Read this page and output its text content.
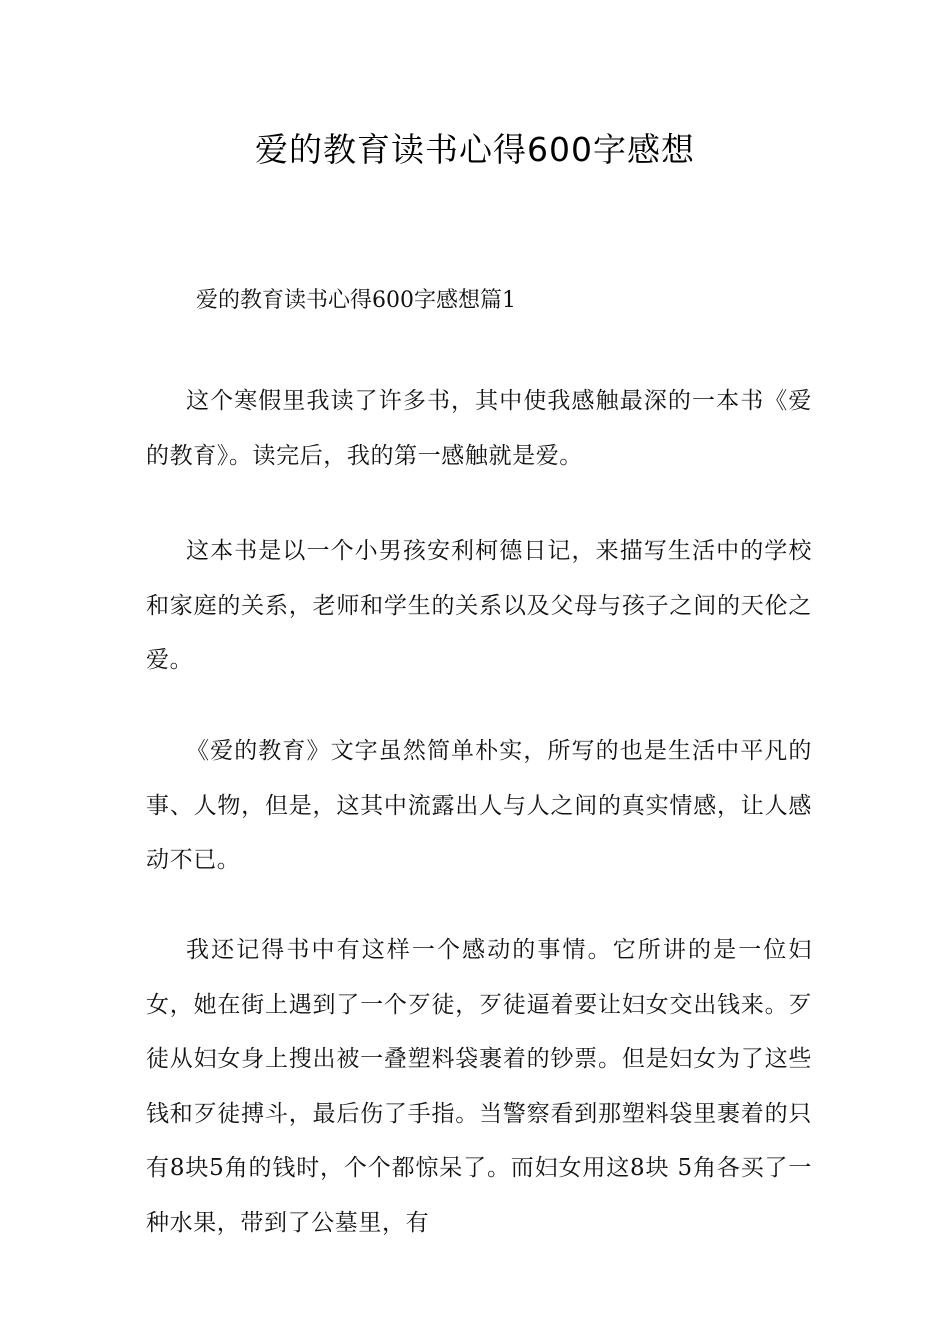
爱的教育读书心得600字感想

爱的教育读书心得600字感想篇1

这个寒假里我读了许多书，其中使我感触最深的一本书《爱的教育》。读完后，我的第一感触就是爱。

这本书是以一个小男孩安利柯德日记，来描写生活中的学校和家庭的关系，老师和学生的关系以及父母与孩子之间的天伦之爱。

《爱的教育》文字虽然简单朴实，所写的也是生活中平凡的事、人物，但是，这其中流露出人与人之间的真实情感，让人感动不已。

我还记得书中有这样一个感动的事情。它所讲的是一位妇女，她在街上遇到了一个歹徒，歹徒逼着要让妇女交出钱来。歹徒从妇女身上搜出被一叠塑料袋裹着的钞票。但是妇女为了这些钱和歹徒搏斗，最后伤了手指。当警察看到那塑料袋里裹着的只有8块5角的钱时，个个都惊呆了。而妇女用这8块 5角各买了一种水果，带到了公墓里，有
